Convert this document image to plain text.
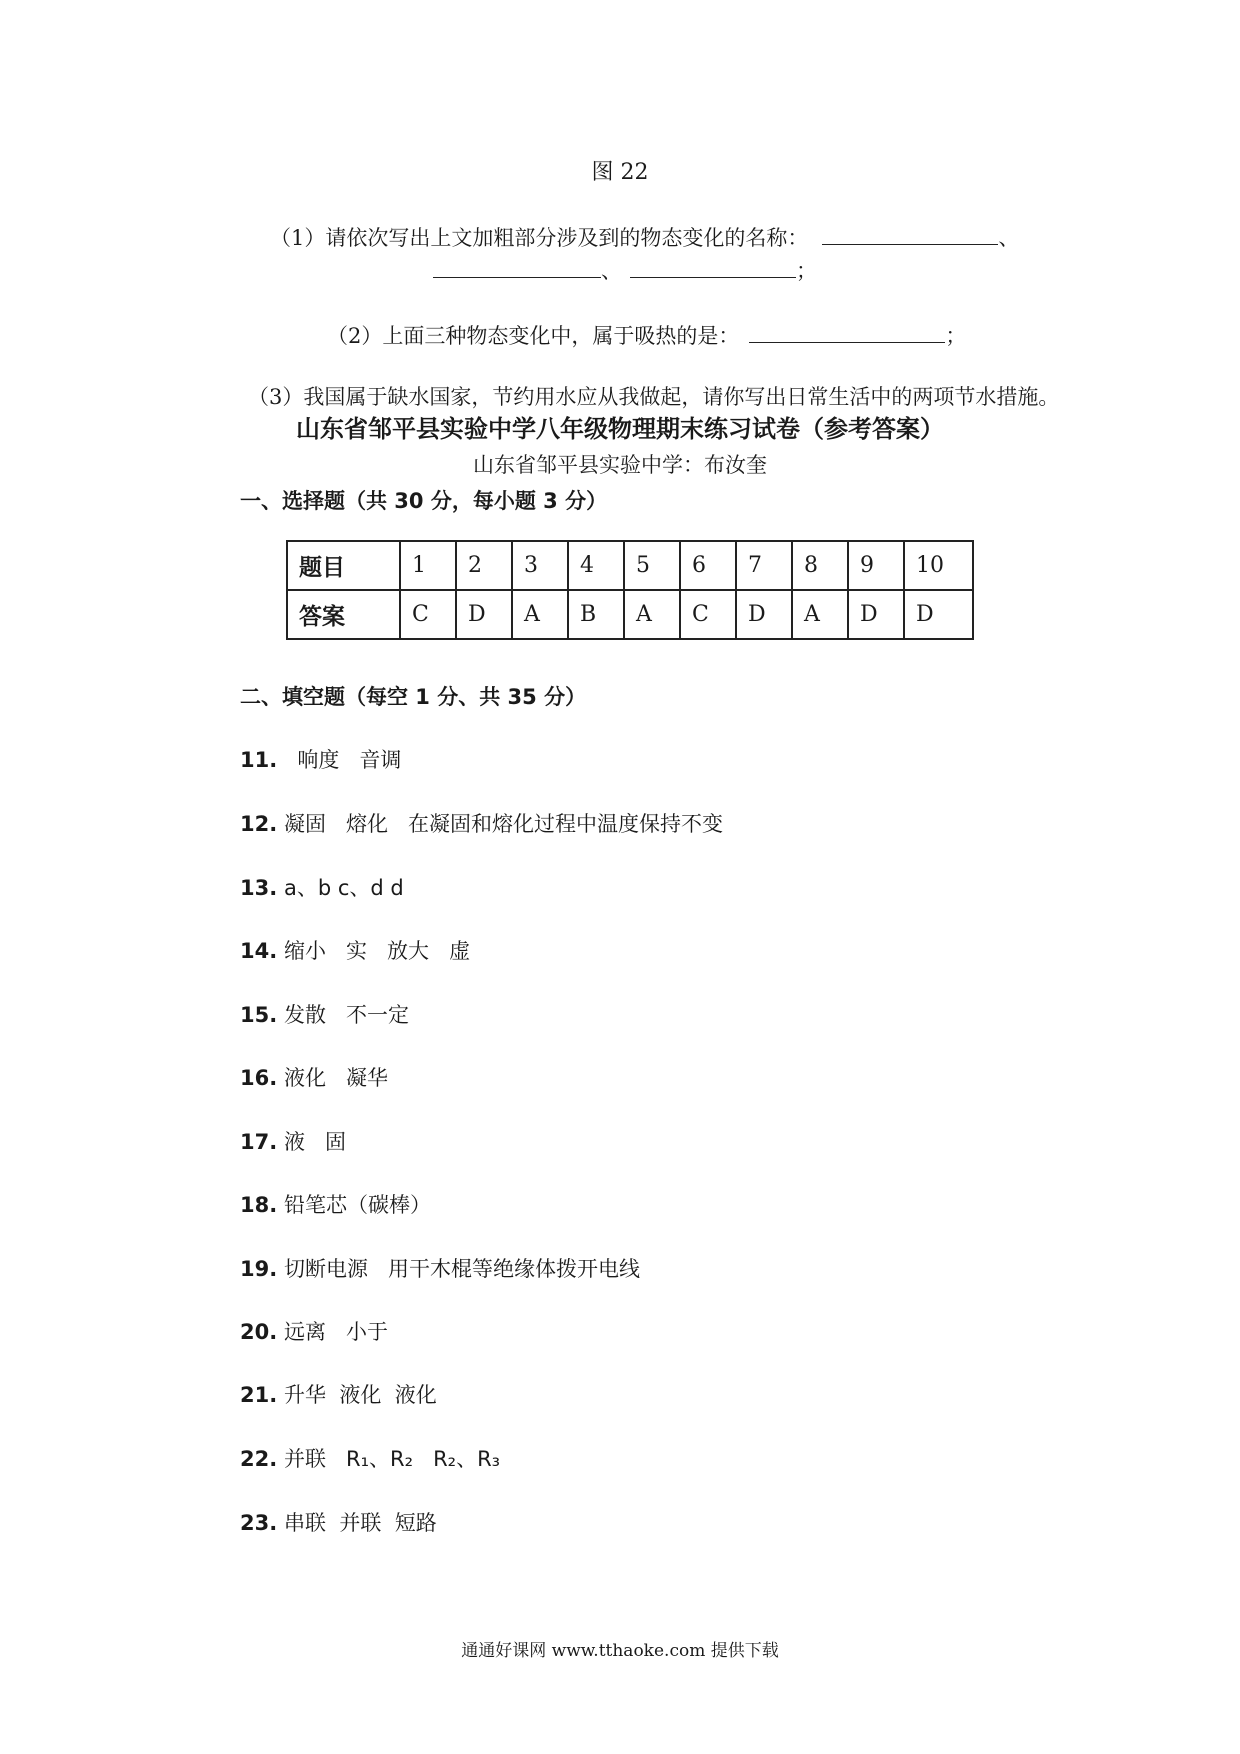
图 22
（1）请依次写出上文加粗部分涉及到的物态变化的名称：	、
、	；
（2）上面三种物态变化中，属于吸热的是：	；
（3）我国属于缺水国家，节约用水应从我做起，请你写出日常生活中的两项节水措施。
山东省邹平县实验中学八年级物理期末练习试卷（参考答案）
山东省邹平县实验中学：布汝奎
一、选择题（共 30 分，每小题 3 分）
题目	1	2	3	4	5	6	7	8	9	10
答案	C	D	A	B	A	C	D	A	D	D
二、填空题（每空 1 分、共 35 分）
11.  响度   音调
12. 凝固   熔化   在凝固和熔化过程中温度保持不变
13. a、b c、d d
14. 缩小   实   放大   虚
15. 发散   不一定
16. 液化   凝华
17. 液   固
18. 铅笔芯（碳棒）
19. 切断电源   用干木棍等绝缘体拨开电线
20. 远离   小于
21. 升华  液化  液化
22. 并联   R₁、R₂   R₂、R₃
23. 串联  并联  短路
通通好课网 www.tthaoke.com 提供下载
